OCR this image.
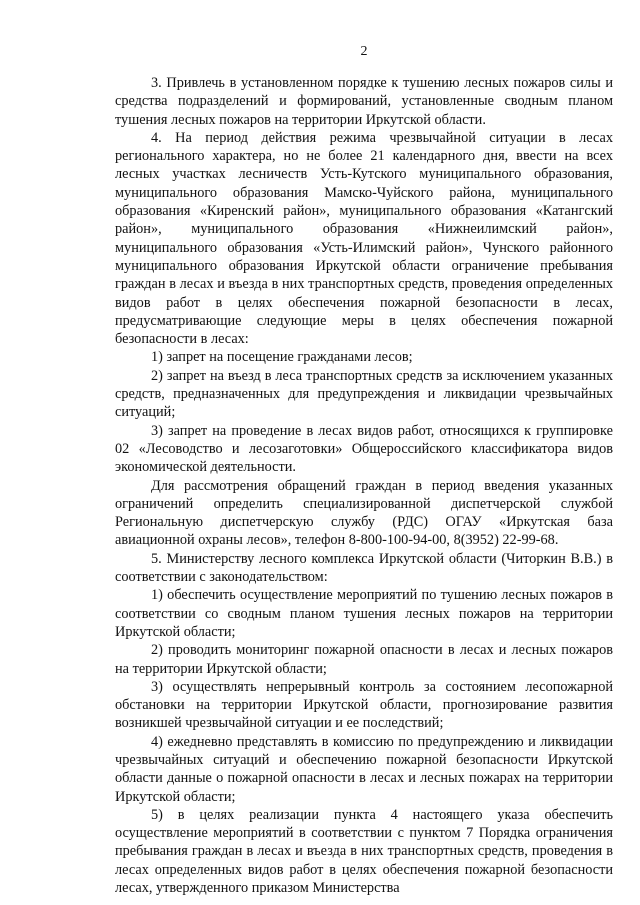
2

3. Привлечь в установленном порядке к тушению лесных пожаров силы и средства подразделений и формирований, установленные сводным планом тушения лесных пожаров на территории Иркутской области.

4. На период действия режима чрезвычайной ситуации в лесах регионального характера, но не более 21 календарного дня, ввести на всех лесных участках лесничеств Усть-Кутского муниципального образования, муниципального образования Мамско-Чуйского района, муниципального образования «Киренский район», муниципального образования «Катангский район», муниципального образования «Нижнеилимский район», муниципального образования «Усть-Илимский район», Чунского районного муниципального образования Иркутской области ограничение пребывания граждан в лесах и въезда в них транспортных средств, проведения определенных видов работ в целях обеспечения пожарной безопасности в лесах, предусматривающие следующие меры в целях обеспечения пожарной безопасности в лесах:

1) запрет на посещение гражданами лесов;

2) запрет на въезд в леса транспортных средств за исключением указанных средств, предназначенных для предупреждения и ликвидации чрезвычайных ситуаций;

3) запрет на проведение в лесах видов работ, относящихся к группировке 02 «Лесоводство и лесозаготовки» Общероссийского классификатора видов экономической деятельности.

Для рассмотрения обращений граждан в период введения указанных ограничений определить специализированной диспетчерской службой Региональную диспетчерскую службу (РДС) ОГАУ «Иркутская база авиационной охраны лесов», телефон 8-800-100-94-00, 8(3952) 22-99-68.

5. Министерству лесного комплекса Иркутской области (Читоркин В.В.) в соответствии с законодательством:

1) обеспечить осуществление мероприятий по тушению лесных пожаров в соответствии со сводным планом тушения лесных пожаров на территории Иркутской области;

2) проводить мониторинг пожарной опасности в лесах и лесных пожаров на территории Иркутской области;

3) осуществлять непрерывный контроль за состоянием лесопожарной обстановки на территории Иркутской области, прогнозирование развития возникшей чрезвычайной ситуации и ее последствий;

4) ежедневно представлять в комиссию по предупреждению и ликвидации чрезвычайных ситуаций и обеспечению пожарной безопасности Иркутской области данные о пожарной опасности в лесах и лесных пожарах на территории Иркутской области;

5) в целях реализации пункта 4 настоящего указа обеспечить осуществление мероприятий в соответствии с пунктом 7 Порядка ограничения пребывания граждан в лесах и въезда в них транспортных средств, проведения в лесах определенных видов работ в целях обеспечения пожарной безопасности лесах, утвержденного приказом Министерства
